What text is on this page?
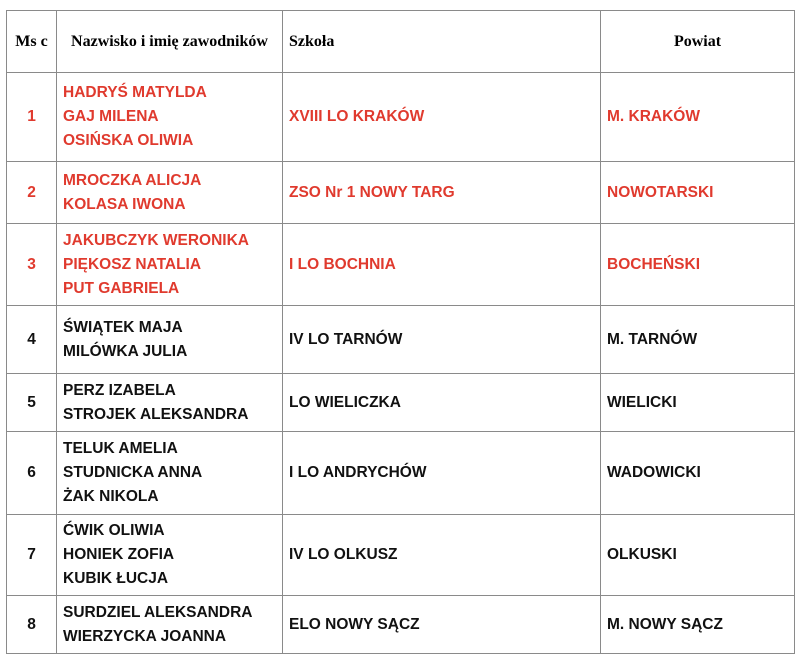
Ms c	Nazwisko i imię zawodników	Szkoła	Powiat
1	HADRYŚ MATYLDA
GAJ MILENA
OSIŃSKA OLIWIA	XVIII LO KRAKÓW	M. KRAKÓW
2	MROCZKA ALICJA
KOLASA IWONA	ZSO Nr 1 NOWY TARG	NOWOTARSKI
3	JAKUBCZYK WERONIKA
PIĘKOSZ NATALIA
PUT GABRIELA	I LO BOCHNIA	BOCHEŃSKI
4	ŚWIĄTEK MAJA
MILÓWKA JULIA	IV LO TARNÓW	M. TARNÓW
5	PERZ IZABELA
STROJEK ALEKSANDRA	LO WIELICZKA	WIELICKI
6	TELUK AMELIA
STUDNICKA ANNA
ŻAK NIKOLA	I LO ANDRYCHÓW	WADOWICKI
7	ĆWIK OLIWIA
HONIEK ZOFIA
KUBIK ŁUCJA	IV LO OLKUSZ	OLKUSKI
8	SURDZIEL ALEKSANDRA
WIERZYCKA JOANNA	ELO NOWY SĄCZ	M. NOWY SĄCZ
